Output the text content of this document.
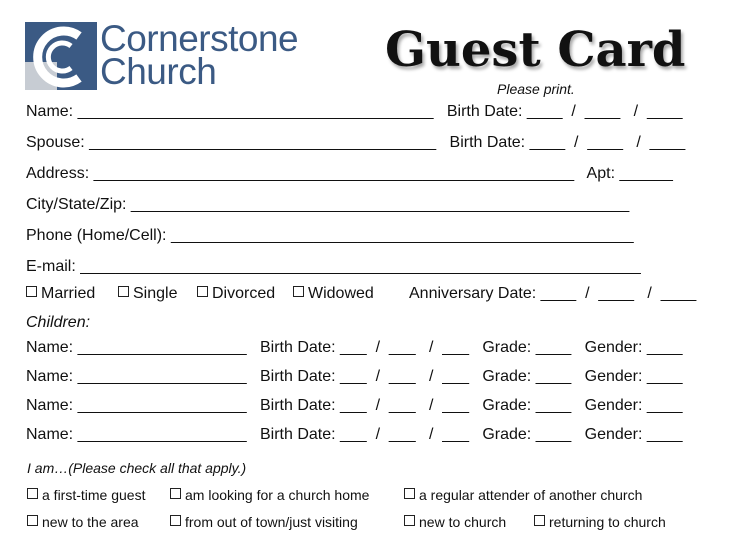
Cornerstone
Church	Guest Card
Please print.
Name: ________________________________________   Birth Date: ____  /  ____   /  ____
Spouse: _______________________________________   Birth Date: ____  /  ____   /  ____
Address: ______________________________________________________   Apt: ______
City/State/Zip: ________________________________________________________
Phone (Home/Cell): ____________________________________________________
E-mail: _______________________________________________________________
Married	Single	Divorced	Widowed Anniversary Date: ____  /  ____   /  ____
Children:
Name: ___________________   Birth Date: ___  /  ___   /  ___   Grade: ____   Gender: ____
Name: ___________________   Birth Date: ___  /  ___   /  ___   Grade: ____   Gender: ____
Name: ___________________   Birth Date: ___  /  ___   /  ___   Grade: ____   Gender: ____
Name: ___________________   Birth Date: ___  /  ___   /  ___   Grade: ____   Gender: ____
I am…(Please check all that apply.)
a first-time guest	am looking for a church home	a regular attender of another church
new to the area	from out of town/just visiting	new to church	returning to church
